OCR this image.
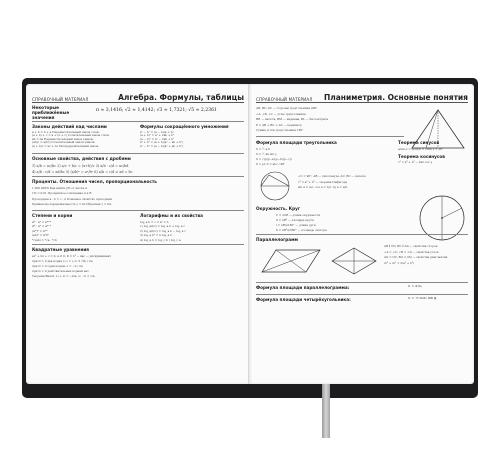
СПРАВОЧНЫЙ МАТЕРИАЛ	Алгебра. Формулы, таблицы
Некоторые приближённые значения
π ≈ 3,1416; √2 ≈ 1,4142; √3 ≈ 1,7321; √5 ≈ 2,2361
Законы действий над числами
a + b = b + a Переместительный закон слож.
(a + b) + c = a + (b + c) Сочетательный закон слож.
ab = ba Переместительный закон умнож.
(ab)c = a(bc) Сочетательный закон умнож.
(a + b)c = ac + bc Распределительный закон
Формулы сокращённого умножения
a² − b² = (a − b)(a + b)
(a + b)² = a² + 2ab + b²
(a − b)² = a² − 2ab + b²
a³ + b³ = (a + b)(a² − ab + b²)
a³ − b³ = (a − b)(a² + ab + b²)
Основные свойства, действия с дробями
1) a/b = ac/bc 2) a/c + b/c = (a+b)/c 3) a/b · c/d = ac/bd
4) a/b : c/d = ad/bc 5) (a/b)ⁿ = aⁿ/bⁿ 6) a/b = c/d ⇔ ad = bc
Проценты. Отношения чисел, пропорциональность
1 000 000% Как найти p% от числа A
1% = 0,01 Процентное отношение A к B
Пропорция a : b = c : d Основное свойство пропорции
Прямая пропорциональность y = kx Обратная y = k/x
Степени и корни
aᵐ · aⁿ = aᵐ⁺ⁿ
aᵐ : aⁿ = aᵐ⁻ⁿ
(aᵐ)ⁿ = aᵐⁿ
(ab)ⁿ = aⁿbⁿ
ⁿ√(ab) = ⁿ√a · ⁿ√b
Логарифмы и их свойства
log_a b = c ⇔ aᶜ = b
1) log_a(bc) = log_a b + log_a c
2) log_a(b/c) = log_a b − log_a c
3) log_a bⁿ = n log_a b
4) log_a b = log_c b / log_c a
Квадратные уравнения
ax² + bx + c = 0, a ≠ 0, D = b² − 4ac — дискриминант
при D > 0 два корня x₁,₂ = (−b ± √D) / 2a
при D = 0 один корень x = −b / 2a
при D < 0 действительных корней нет
Теорема Виета: x₁ + x₂ = −b/a, x₁ · x₂ = c/a
СПРАВОЧНЫЙ МАТЕРИАЛ Планиметрия. Основные понятия
AB, BC, AC — стороны треугольника ABC
∠A, ∠B, ∠C — углы треугольника
BH — высота, BM — медиана, BL — биссектриса
P = AB + BC + AC — периметр
Сумма углов треугольника 180°
Формула площади треугольника
S = ½ a·h
S = ½ ab·sin γ
S = √(p(p−a)(p−b)(p−c))
S = pr, S = abc / 4R
Теорема синусов
a/sin α = b/sin β = c/sin γ = 2R
Теорема косинусов
c² = a² + b² − 2ab·cos γ
∠C = 90°, AB — гипотенуза, AC, BC — катеты
c² = a² + b² — теорема Пифагора
sin A = a/c, cos A = b/c, tg A = a/b
Окружность. Круг
C = 2πR — длина окружности
S = πR² — площадь круга
l = πRα/180° — длина дуги
S = πR²α/360° — площадь сектора
Параллелограмм
AB ∥ CD, BC ∥ AD — свойства сторон
∠A = ∠C, ∠B = ∠D — свойства углов
AO = OC, BO = OD — свойства диагоналей
d₁² + d₂² = 2(a² + b²)
Формула площади параллелограмма:	S = a·hₐ
Формула площади четырёхугольника:	S = ½ d₁d₂ sin φ
